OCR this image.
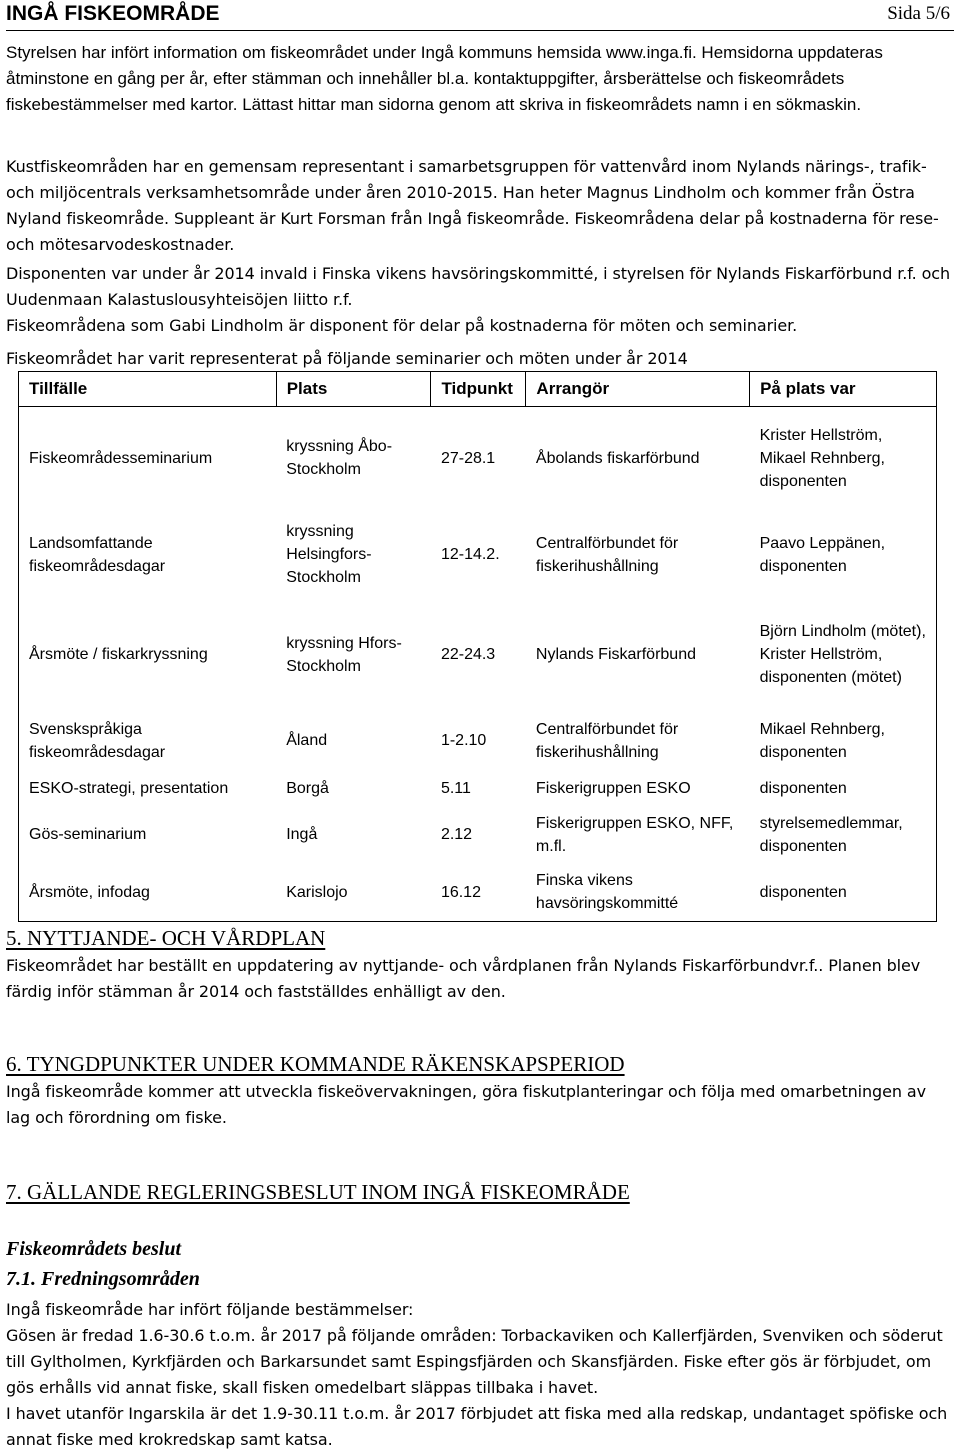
INGÅ FISKEOMRÅDE	Sida 5/6

Styrelsen har infört information om fiskeområdet under Ingå kommuns hemsida www.inga.fi. Hemsidorna uppdateras åtminstone en gång per år, efter stämman och innehåller bl.a. kontaktuppgifter, årsberättelse och fiskeområdets fiskebestämmelser med kartor. Lättast hittar man sidorna genom att skriva in fiskeområdets namn i en sökmaskin.

Kustfiskeområden har en gemensam representant i samarbetsgruppen för vattenvård inom Nylands närings-, trafik- och miljöcentrals verksamhetsområde under åren 2010-2015. Han heter Magnus Lindholm och kommer från Östra Nyland fiskeområde. Suppleant är Kurt Forsman från Ingå fiskeområde. Fiskeområdena delar på kostnaderna för rese- och mötesarvodeskostnader.

Disponenten var under år 2014 invald i Finska vikens havsöringskommitté, i styrelsen för Nylands Fiskarförbund r.f. och Uudenmaan Kalastuslousyhteisöjen liitto r.f.

Fiskeområdena som Gabi Lindholm är disponent för delar på kostnaderna för möten och seminarier.

Fiskeområdet har varit representerat på följande seminarier och möten under år 2014

Tillfälle	Plats	Tidpunkt	Arrangör	På plats var
Fiskeområdesseminarium	kryssning Åbo-Stockholm	27-28.1	Åbolands fiskarförbund	Krister Hellström, Mikael Rehnberg, disponenten
Landsomfattande fiskeområdesdagar	kryssning Helsingfors-Stockholm	12-14.2.	Centralförbundet för fiskerihushållning	Paavo Leppänen, disponenten
Årsmöte / fiskarkryssning	kryssning Hfors-Stockholm	22-24.3	Nylands Fiskarförbund	Björn Lindholm (mötet), Krister Hellström, disponenten (mötet)
Svenskspråkiga fiskeområdesdagar	Åland	1-2.10	Centralförbundet för fiskerihushållning	Mikael Rehnberg, disponenten
ESKO-strategi, presentation	Borgå	5.11	Fiskerigruppen ESKO	disponenten
Gös-seminarium	Ingå	2.12	Fiskerigruppen ESKO, NFF, m.fl.	styrelsemedlemmar, disponenten
Årsmöte, infodag	Karislojo	16.12	Finska vikens havsöringskommitté	disponenten
5. NYTTJANDE- OCH VÅRDPLAN

Fiskeområdet har beställt en uppdatering av nyttjande- och vårdplanen från Nylands Fiskarförbundvr.f.. Planen blev färdig inför stämman år 2014 och fastställdes enhälligt av den.

6. TYNGDPUNKTER UNDER KOMMANDE RÄKENSKAPSPERIOD

Ingå fiskeområde kommer att utveckla fiskeövervakningen, göra fiskutplanteringar och följa med omarbetningen av lag och förordning om fiske.

7. GÄLLANDE REGLERINGSBESLUT INOM INGÅ FISKEOMRÅDE
Fiskeområdets beslut
7.1. Fredningsområden

Ingå fiskeområde har infört följande bestämmelser:

Gösen är fredad 1.6-30.6 t.o.m. år 2017 på följande områden: Torbackaviken och Kallerfjärden, Svenviken och söderut till Gyltholmen, Kyrkfjärden och Barkarsundet samt Espingsfjärden och Skansfjärden. Fiske efter gös är förbjudet, om gös erhålls vid annat fiske, skall fisken omedelbart släppas tillbaka i havet.

I havet utanför Ingarskila är det 1.9-30.11 t.o.m. år 2017 förbjudet att fiska med alla redskap, undantaget spöfiske och annat fiske med krokredskap samt katsa.
